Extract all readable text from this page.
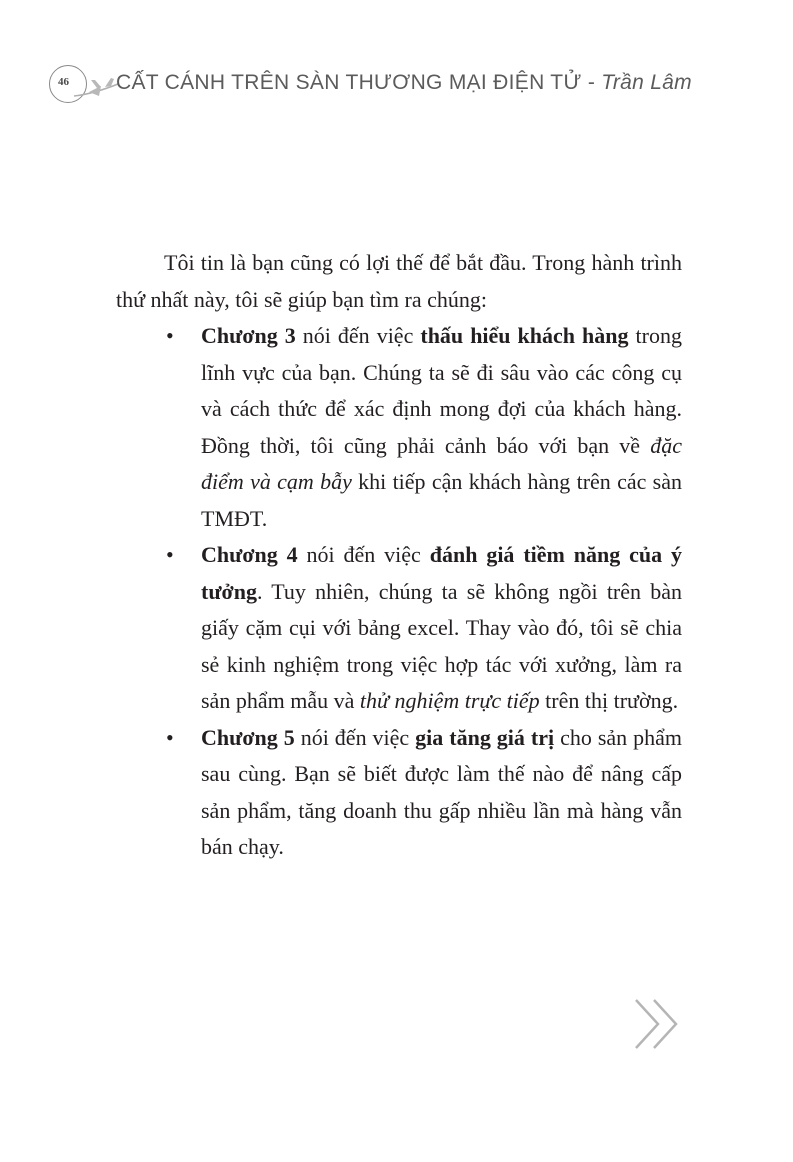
46 CẤT CÁNH TRÊN SÀN THƯƠNG MẠI ĐIỆN TỬ - Trần Lâm

Tôi tin là bạn cũng có lợi thế để bắt đầu. Trong hành trình thứ nhất này, tôi sẽ giúp bạn tìm ra chúng:

• Chương 3 nói đến việc thấu hiểu khách hàng trong lĩnh vực của bạn. Chúng ta sẽ đi sâu vào các công cụ và cách thức để xác định mong đợi của khách hàng. Đồng thời, tôi cũng phải cảnh báo với bạn về đặc điểm và cạm bẫy khi tiếp cận khách hàng trên các sàn TMĐT.

• Chương 4 nói đến việc đánh giá tiềm năng của ý tưởng. Tuy nhiên, chúng ta sẽ không ngồi trên bàn giấy cặm cụi với bảng excel. Thay vào đó, tôi sẽ chia sẻ kinh nghiệm trong việc hợp tác với xưởng, làm ra sản phẩm mẫu và thử nghiệm trực tiếp trên thị trường.

• Chương 5 nói đến việc gia tăng giá trị cho sản phẩm sau cùng. Bạn sẽ biết được làm thế nào để nâng cấp sản phẩm, tăng doanh thu gấp nhiều lần mà hàng vẫn bán chạy.
